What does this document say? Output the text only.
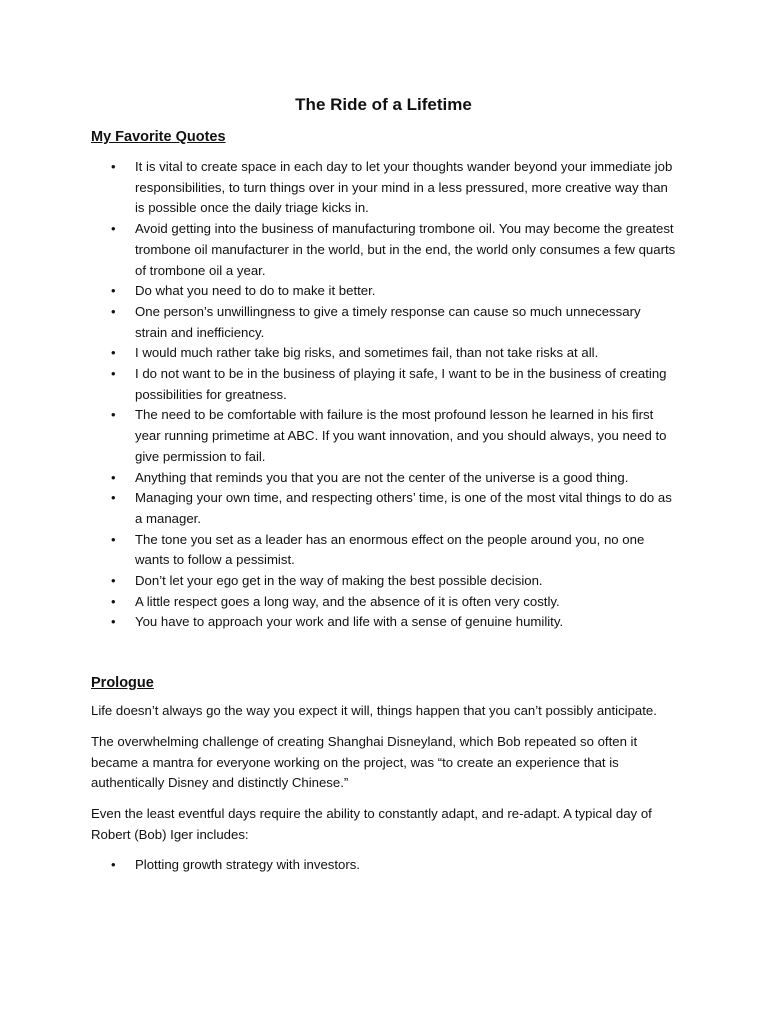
The Ride of a Lifetime
My Favorite Quotes
• It is vital to create space in each day to let your thoughts wander beyond your immediate job responsibilities, to turn things over in your mind in a less pressured, more creative way than is possible once the daily triage kicks in.
• Avoid getting into the business of manufacturing trombone oil. You may become the greatest trombone oil manufacturer in the world, but in the end, the world only consumes a few quarts of trombone oil a year.
• Do what you need to do to make it better.
• One person’s unwillingness to give a timely response can cause so much unnecessary strain and inefficiency.
• I would much rather take big risks, and sometimes fail, than not take risks at all.
• I do not want to be in the business of playing it safe, I want to be in the business of creating possibilities for greatness.
• The need to be comfortable with failure is the most profound lesson he learned in his first year running primetime at ABC. If you want innovation, and you should always, you need to give permission to fail.
• Anything that reminds you that you are not the center of the universe is a good thing.
• Managing your own time, and respecting others’ time, is one of the most vital things to do as a manager.
• The tone you set as a leader has an enormous effect on the people around you, no one wants to follow a pessimist.
• Don’t let your ego get in the way of making the best possible decision.
• A little respect goes a long way, and the absence of it is often very costly.
• You have to approach your work and life with a sense of genuine humility.
Prologue

Life doesn’t always go the way you expect it will, things happen that you can’t possibly anticipate.

The overwhelming challenge of creating Shanghai Disneyland, which Bob repeated so often it became a mantra for everyone working on the project, was “to create an experience that is authentically Disney and distinctly Chinese.”

Even the least eventful days require the ability to constantly adapt, and re-adapt. A typical day of Robert (Bob) Iger includes:

• Plotting growth strategy with investors.
